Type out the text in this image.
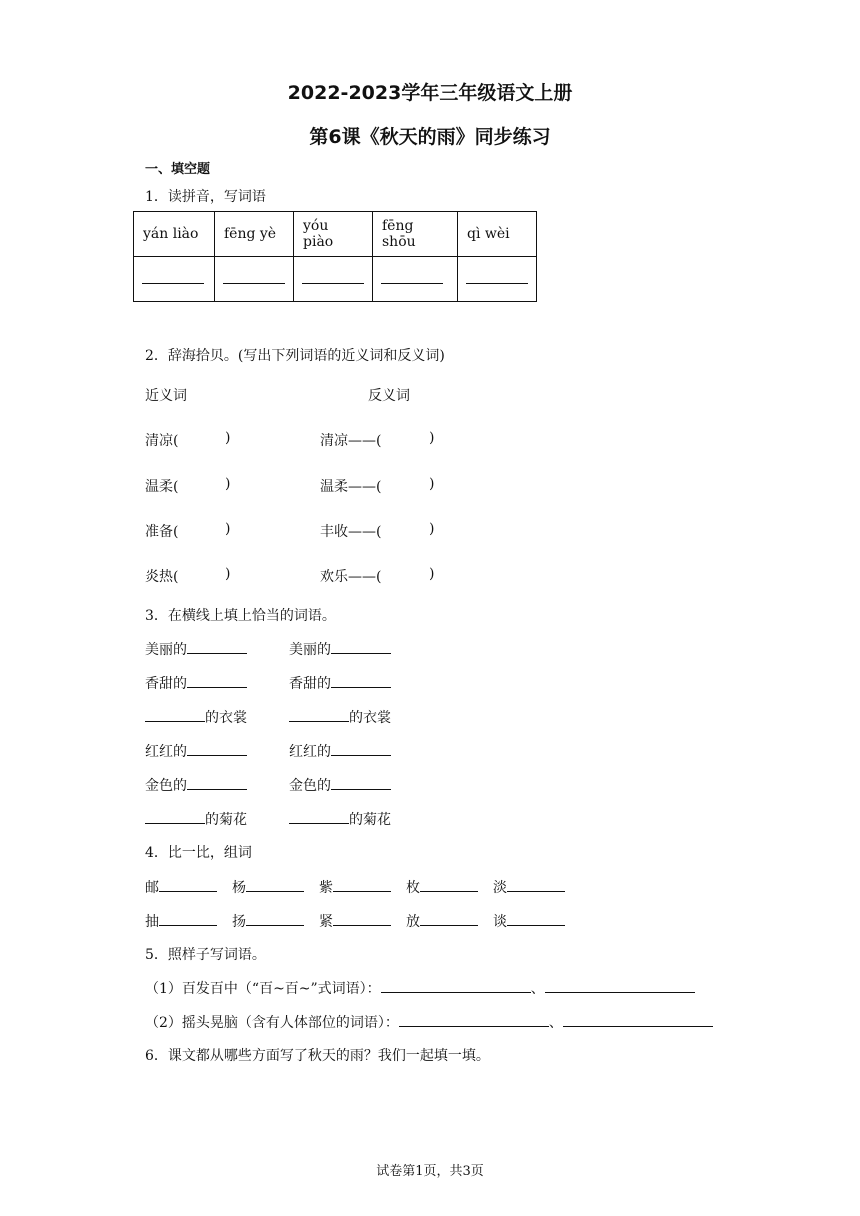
2022-2023学年三年级语文上册
第6课《秋天的雨》同步练习
一、填空题
1．读拼音，写词语
yán liào	fēng yè	yóu piào	fēng shōu	qì wèi

2．辞海拾贝。(写出下列词语的近义词和反义词)
近义词	反义词
清凉(	)	清凉——(	)
温柔(	)	温柔——(	)
准备(	)	丰收——(	)
炎热(	)	欢乐——(	)
3．在横线上填上恰当的词语。
美丽的	美丽的
香甜的	香甜的
的衣裳	的衣裳
红红的	红红的
金色的	金色的
的菊花	的菊花
4．比一比，组词
邮	杨	紫	枚	淡
抽	扬	紧	放	谈
5．照样子写词语。
（1）百发百中（“百~百~”式词语）：	、
（2）摇头晃脑（含有人体部位的词语）：	、
6．课文都从哪些方面写了秋天的雨？我们一起填一填。
试卷第1页，共3页
